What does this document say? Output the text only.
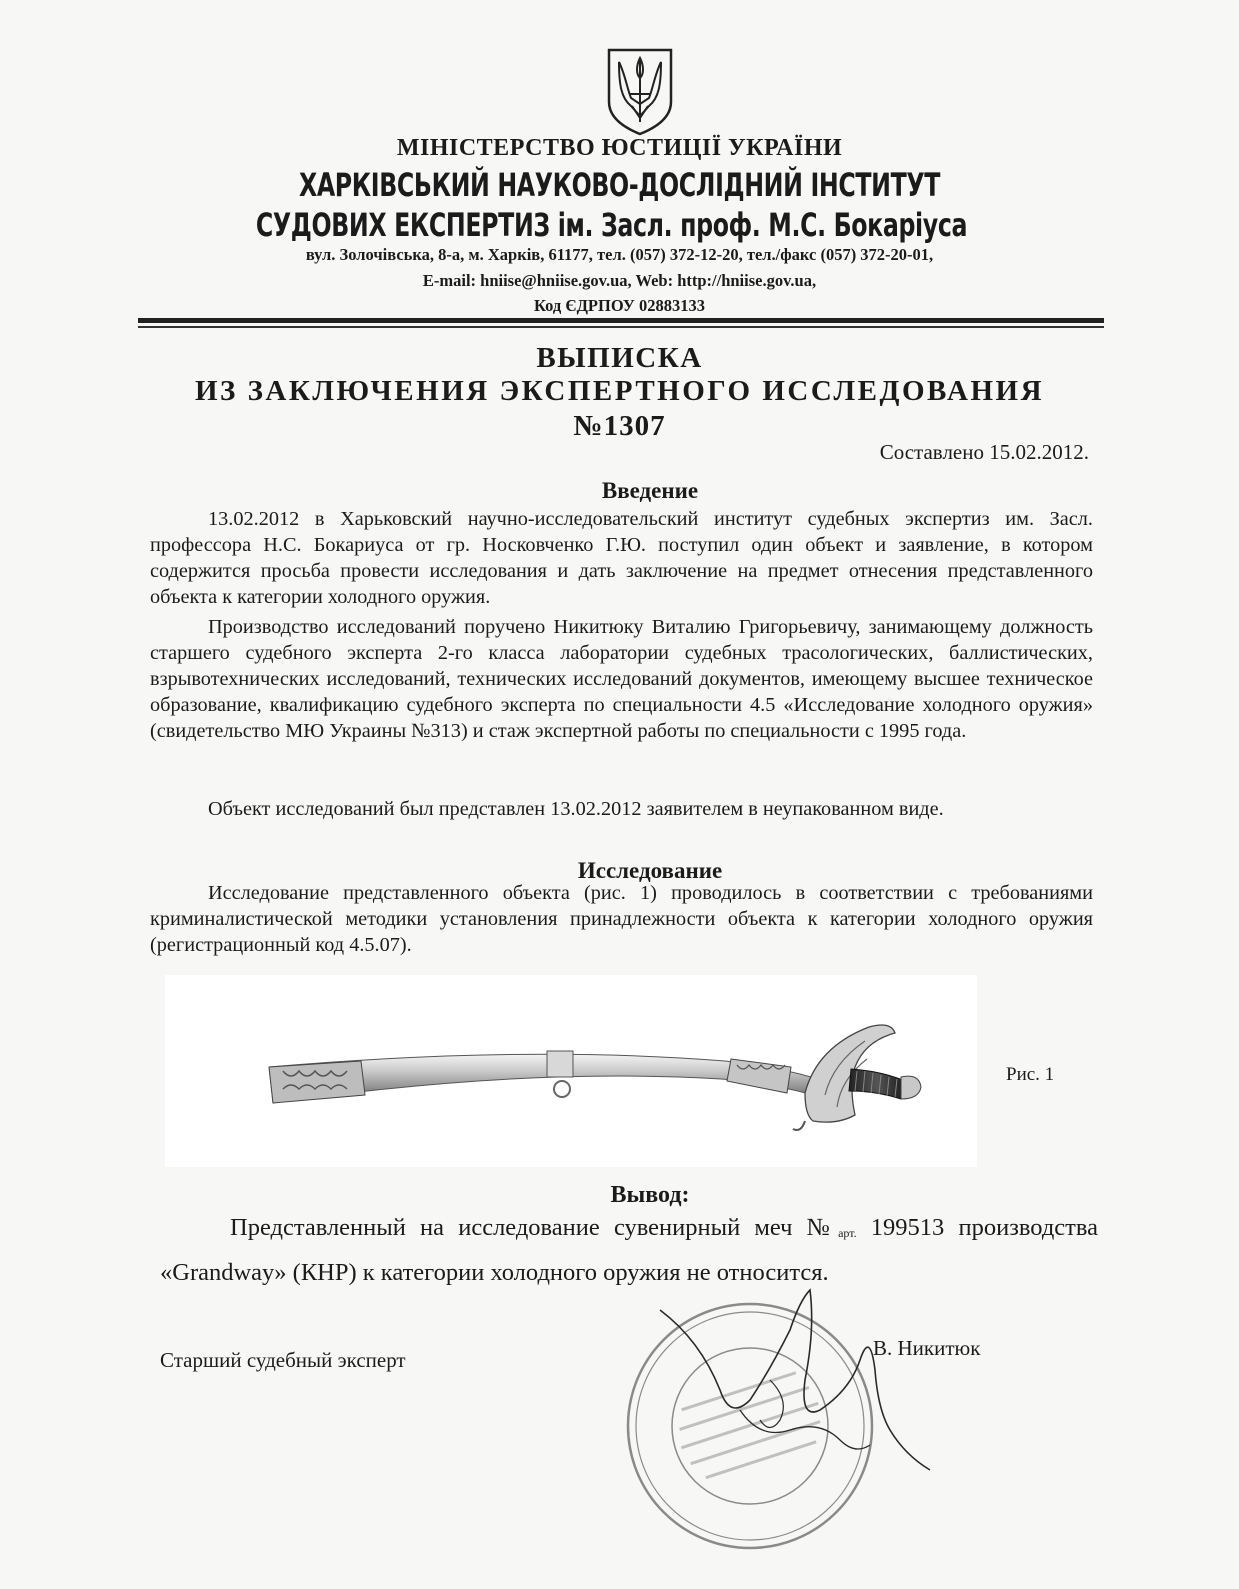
МІНІСТЕРСТВО ЮСТИЦІЇ УКРАЇНИ
ХАРКІВСЬКИЙ НАУКОВО-ДОСЛІДНИЙ ІНСТИТУТ
СУДОВИХ ЕКСПЕРТИЗ ім. Засл. проф. М.С. Бокаріуса
вул. Золочівська, 8-а, м. Харків, 61177, тел. (057) 372-12-20, тел./факс (057) 372-20-01,
E-mail: hniise@hniise.gov.ua, Web: http://hniise.gov.ua,
Код ЄДРПОУ 02883133
ВЫПИСКА
ИЗ ЗАКЛЮЧЕНИЯ ЭКСПЕРТНОГО ИССЛЕДОВАНИЯ
№1307
Составлено 15.02.2012.
Введение
13.02.2012 в Харьковский научно-исследовательский институт судебных экспертиз им. Засл. профессора Н.С. Бокариуса от гр. Носковченко Г.Ю. поступил один объект и заявление, в котором содержится просьба провести исследования и дать заключение на предмет отнесения представленного объекта к категории холодного оружия.
Производство исследований поручено Никитюку Виталию Григорьевичу, занимающему должность старшего судебного эксперта 2-го класса лаборатории судебных трасологических, баллистических, взрывотехнических исследований, технических исследований документов, имеющему высшее техническое образование, квалификацию судебного эксперта по специальности 4.5 «Исследование холодного оружия» (свидетельство МЮ Украины №313) и стаж экспертной работы по специальности с 1995 года.
Объект исследований был представлен 13.02.2012 заявителем в неупакованном виде.
Исследование
Исследование представленного объекта (рис. 1) проводилось в соответствии с требованиями криминалистической методики установления принадлежности объекта к категории холодного оружия (регистрационный код 4.5.07).
Рис. 1
Вывод:
Представленный на исследование сувенирный меч $№_{арт.}$ 199513 производства «Grandway» (КНР) к категории холодного оружия не относится.
Старший судебный эксперт	В. Никитюк
